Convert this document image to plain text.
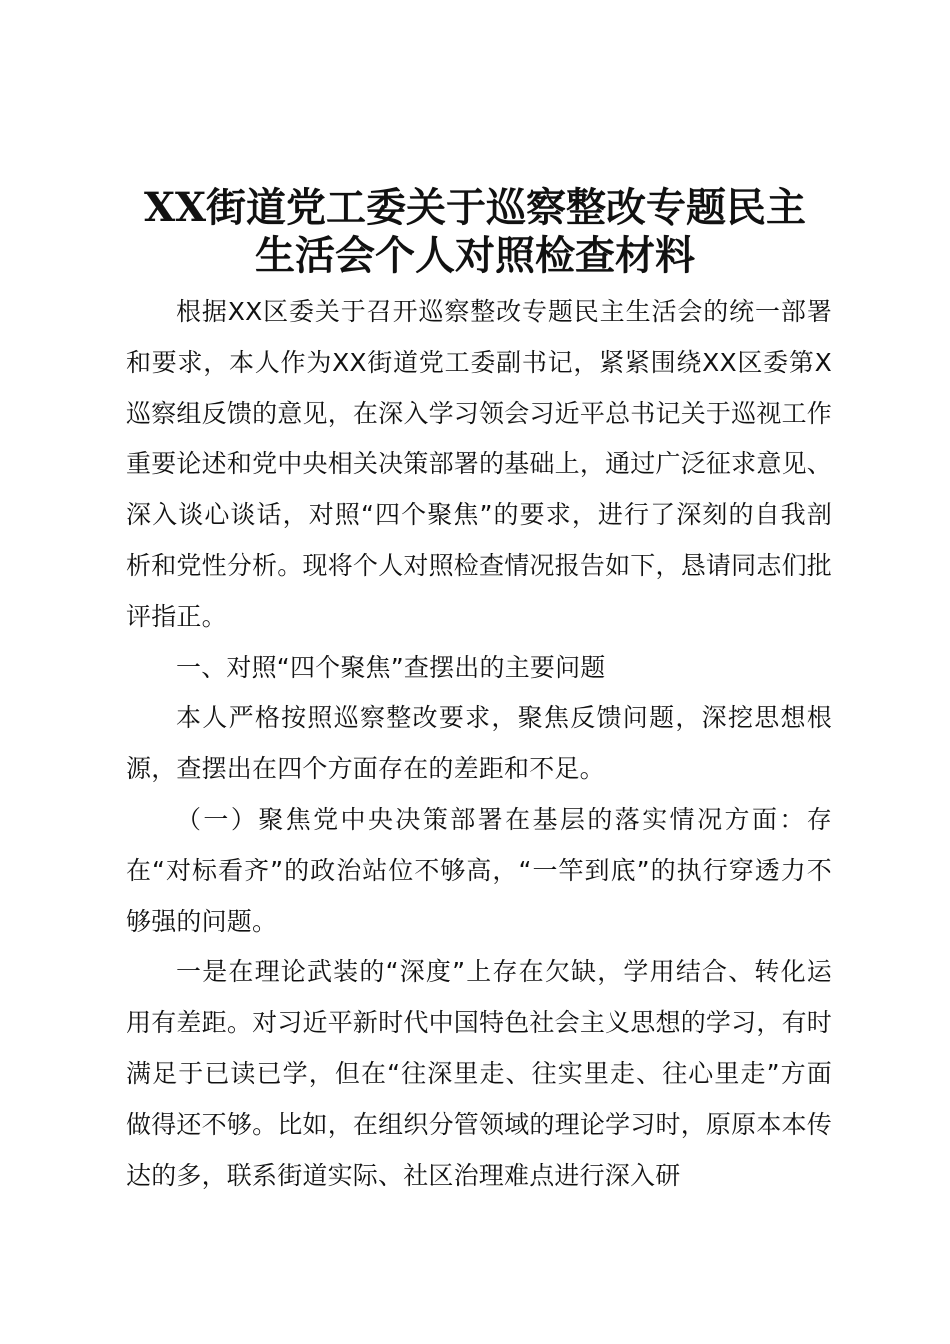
XX街道党工委关于巡察整改专题民主
生活会个人对照检查材料

根据XX区委关于召开巡察整改专题民主生活会的统一部署和要求，本人作为XX街道党工委副书记，紧紧围绕XX区委第X巡察组反馈的意见，在深入学习领会习近平总书记关于巡视工作重要论述和党中央相关决策部署的基础上，通过广泛征求意见、深入谈心谈话，对照“四个聚焦”的要求，进行了深刻的自我剖析和党性分析。现将个人对照检查情况报告如下，恳请同志们批评指正。

一、对照“四个聚焦”查摆出的主要问题

本人严格按照巡察整改要求，聚焦反馈问题，深挖思想根源，查摆出在四个方面存在的差距和不足。

（一）聚焦党中央决策部署在基层的落实情况方面：存在“对标看齐”的政治站位不够高，“一竿到底”的执行穿透力不够强的问题。

一是在理论武装的“深度”上存在欠缺，学用结合、转化运用有差距。对习近平新时代中国特色社会主义思想的学习，有时满足于已读已学，但在“往深里走、往实里走、往心里走”方面做得还不够。比如，在组织分管领域的理论学习时，原原本本传达的多，联系街道实际、社区治理难点进行深入研
